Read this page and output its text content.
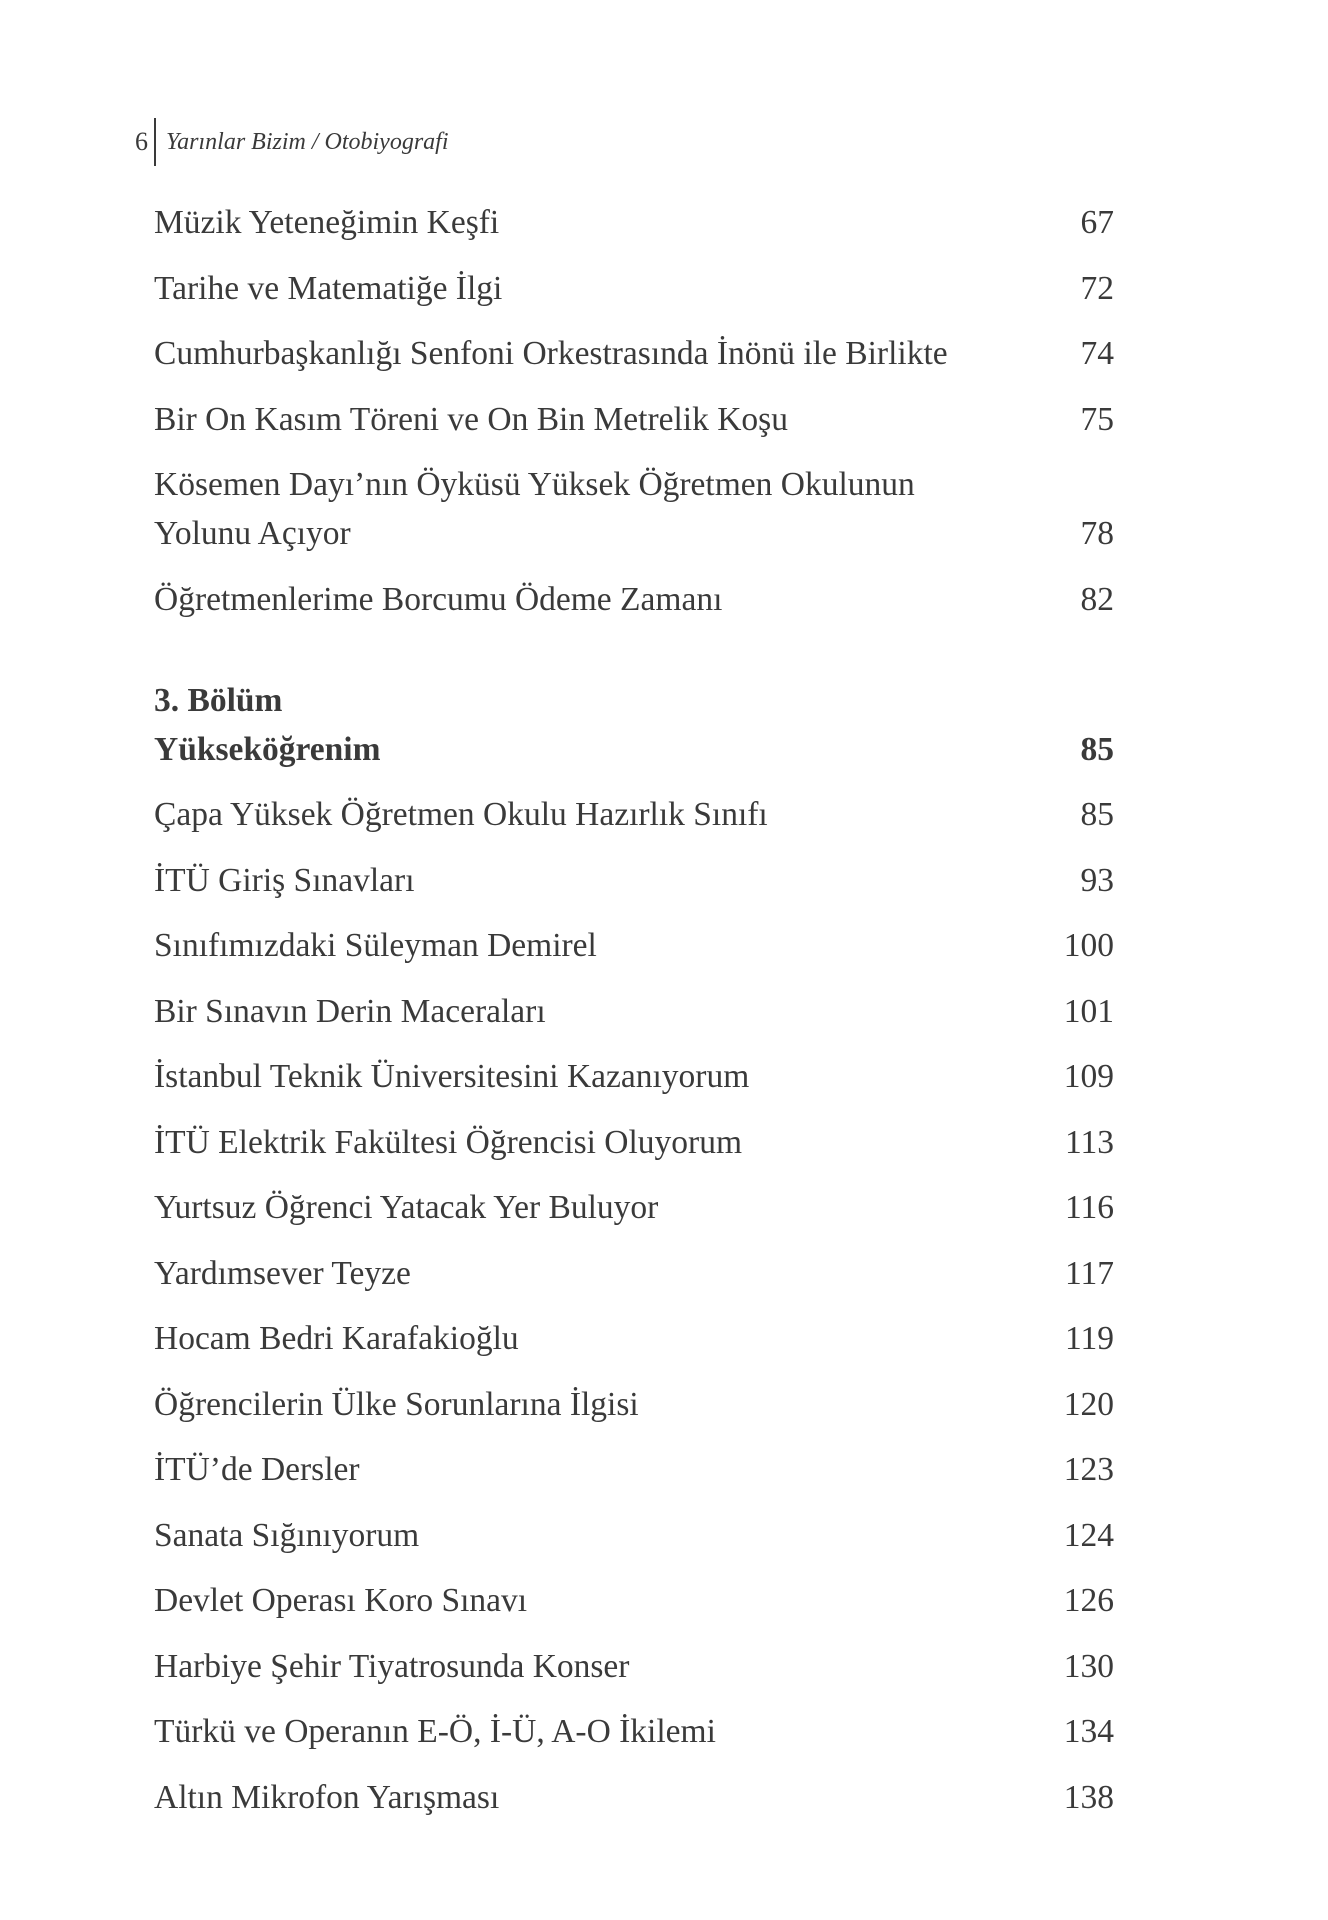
6 Yarınlar Bizim / Otobiyografi
Müzik Yeteneğimin Keşfi	67
Tarihe ve Matematiğe İlgi	72
Cumhurbaşkanlığı Senfoni Orkestrasında İnönü ile Birlikte	74
Bir On Kasım Töreni ve On Bin Metrelik Koşu	75
Kösemen Dayı’nın Öyküsü Yüksek Öğretmen Okulunun
Yolunu Açıyor	78
Öğretmenlerime Borcumu Ödeme Zamanı	82
3. Bölüm
Yükseköğrenim	85
Çapa Yüksek Öğretmen Okulu Hazırlık Sınıfı	85
İTÜ Giriş Sınavları	93
Sınıfımızdaki Süleyman Demirel	100
Bir Sınavın Derin Maceraları	101
İstanbul Teknik Üniversitesini Kazanıyorum	109
İTÜ Elektrik Fakültesi Öğrencisi Oluyorum	113
Yurtsuz Öğrenci Yatacak Yer Buluyor	116
Yardımsever Teyze	117
Hocam Bedri Karafakioğlu	119
Öğrencilerin Ülke Sorunlarına İlgisi	120
İTÜ’de Dersler	123
Sanata Sığınıyorum	124
Devlet Operası Koro Sınavı	126
Harbiye Şehir Tiyatrosunda Konser	130
Türkü ve Operanın E-Ö, İ-Ü, A-O İkilemi	134
Altın Mikrofon Yarışması	138
